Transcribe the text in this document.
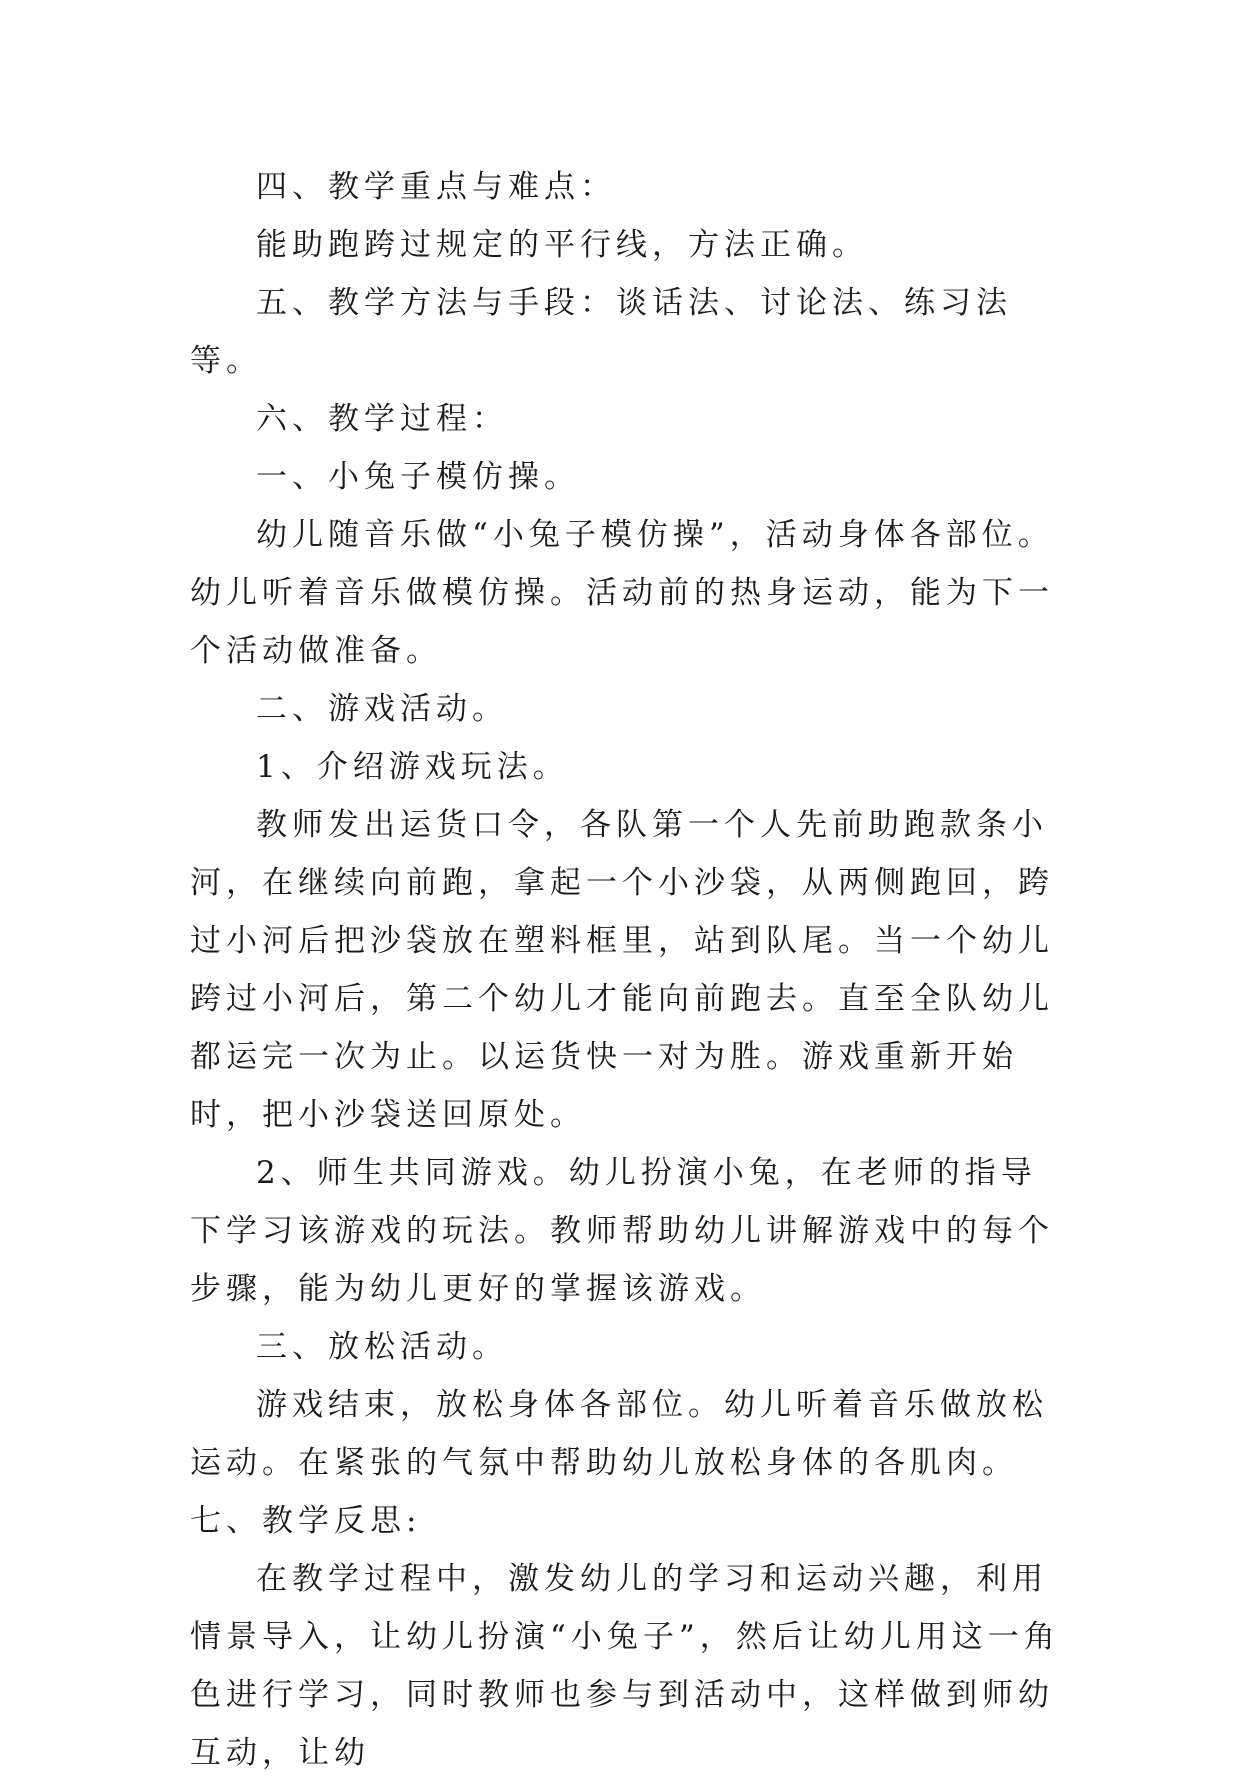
四、教学重点与难点：

能助跑跨过规定的平行线，方法正确。

五、教学方法与手段：谈话法、讨论法、练习法等。

六、教学过程：

一、小兔子模仿操。

幼儿随音乐做“小兔子模仿操”，活动身体各部位。幼儿听着音乐做模仿操。活动前的热身运动，能为下一个活动做准备。

二、游戏活动。

1、介绍游戏玩法。

教师发出运货口令，各队第一个人先前助跑款条小河，在继续向前跑，拿起一个小沙袋，从两侧跑回，跨过小河后把沙袋放在塑料框里，站到队尾。当一个幼儿跨过小河后，第二个幼儿才能向前跑去。直至全队幼儿都运完一次为止。以运货快一对为胜。游戏重新开始时，把小沙袋送回原处。

2、师生共同游戏。幼儿扮演小兔，在老师的指导下学习该游戏的玩法。教师帮助幼儿讲解游戏中的每个步骤，能为幼儿更好的掌握该游戏。

三、放松活动。

游戏结束，放松身体各部位。幼儿听着音乐做放松运动。在紧张的气氛中帮助幼儿放松身体的各肌肉。七、教学反思:

在教学过程中，激发幼儿的学习和运动兴趣，利用情景导入，让幼儿扮演“小兔子”，然后让幼儿用这一角色进行学习，同时教师也参与到活动中，这样做到师幼互动，让幼
